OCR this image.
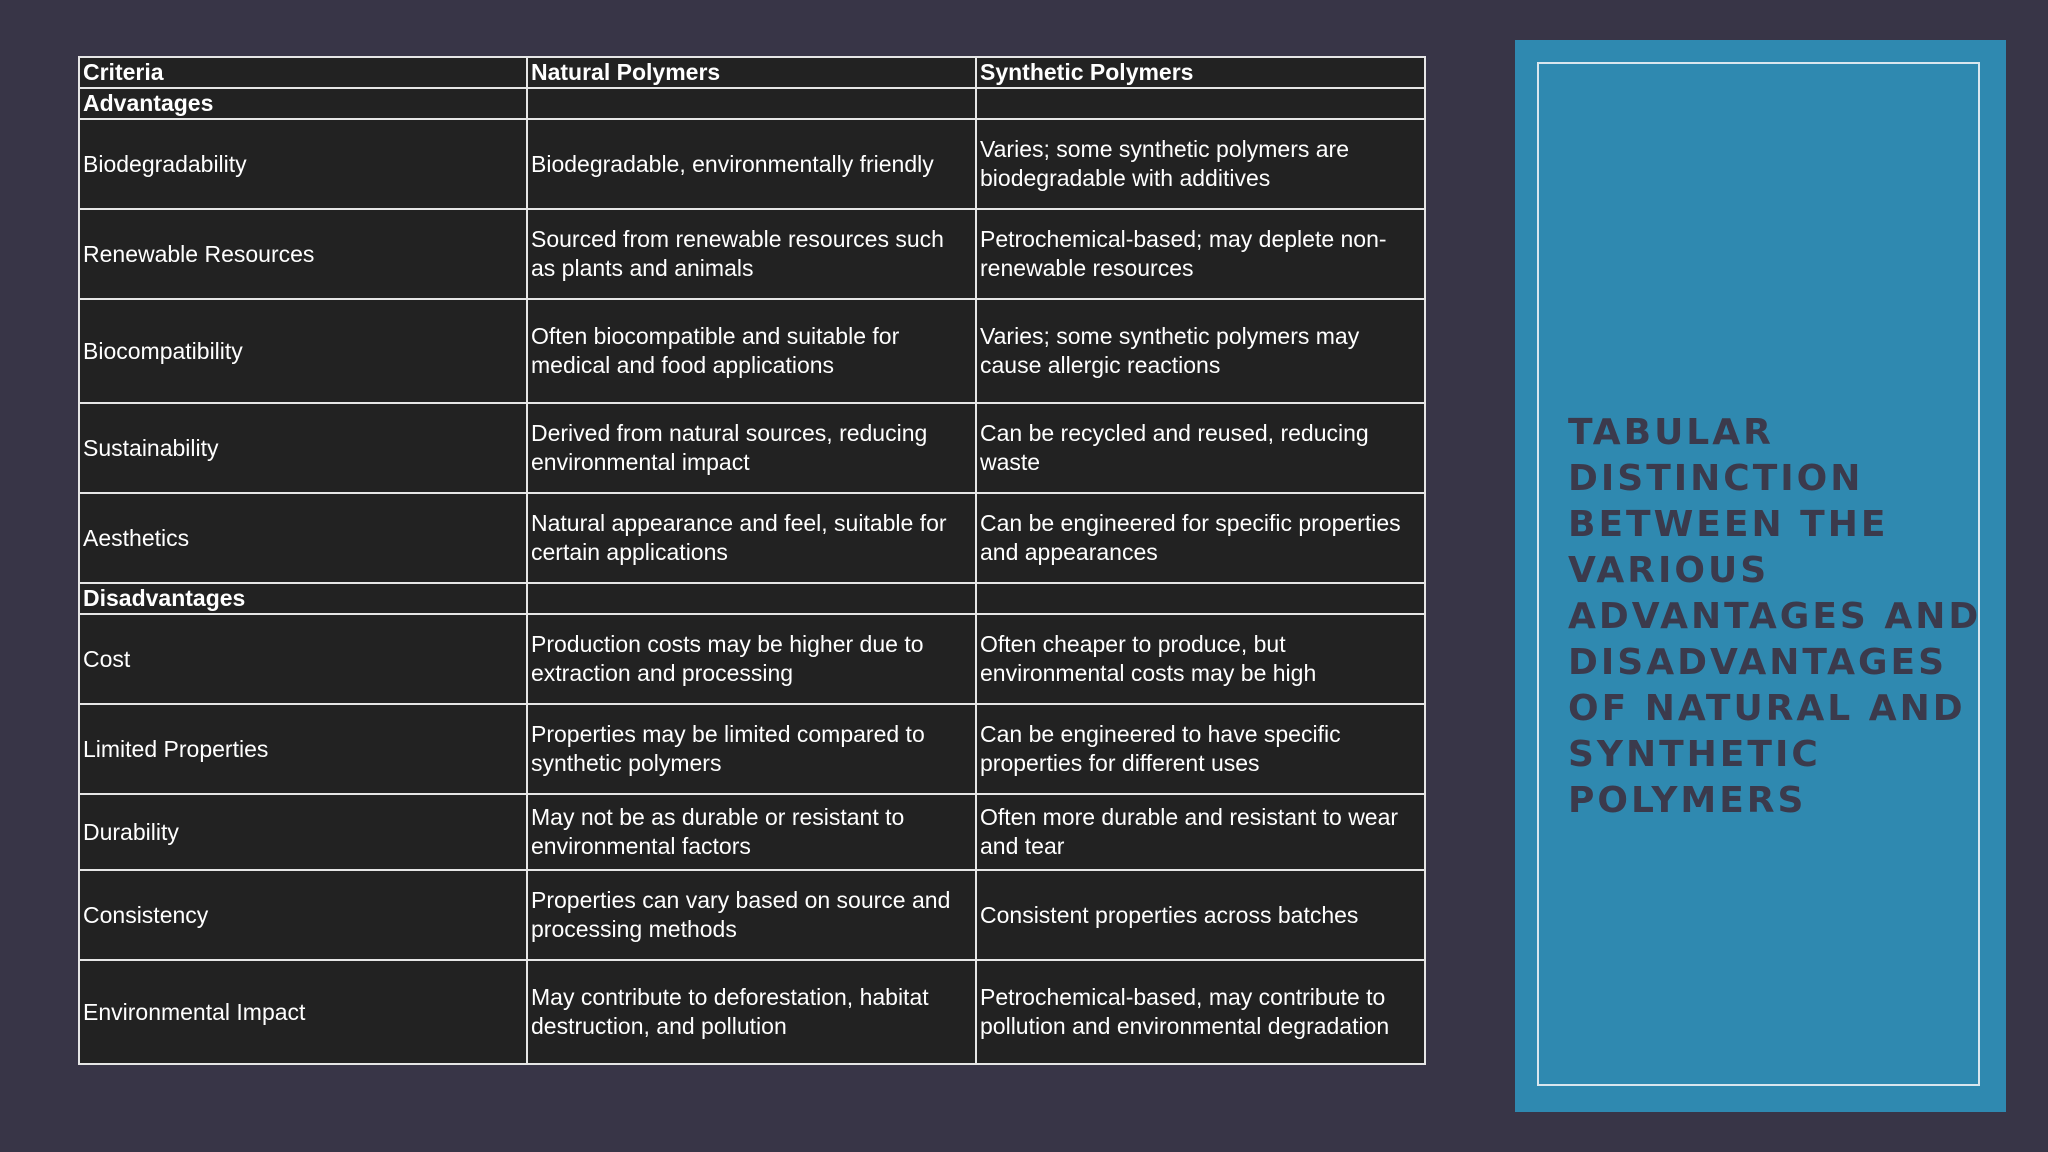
Criteria	Natural Polymers	Synthetic Polymers
Advantages		
Biodegradability	Biodegradable, environmentally friendly	Varies; some synthetic polymers are biodegradable with additives
Renewable Resources	Sourced from renewable resources such as plants and animals	Petrochemical-based; may deplete non-renewable resources
Biocompatibility	Often biocompatible and suitable for medical and food applications	Varies; some synthetic polymers may cause allergic reactions
Sustainability	Derived from natural sources, reducing environmental impact	Can be recycled and reused, reducing waste
Aesthetics	Natural appearance and feel, suitable for certain applications	Can be engineered for specific properties and appearances
Disadvantages		
Cost	Production costs may be higher due to extraction and processing	Often cheaper to produce, but environmental costs may be high
Limited Properties	Properties may be limited compared to synthetic polymers	Can be engineered to have specific properties for different uses
Durability	May not be as durable or resistant to environmental factors	Often more durable and resistant to wear and tear
Consistency	Properties can vary based on source and processing methods	Consistent properties across batches
Environmental Impact	May contribute to deforestation, habitat destruction, and pollution	Petrochemical-based, may contribute to pollution and environmental degradation
TABULAR DISTINCTION BETWEEN THE VARIOUS ADVANTAGES AND DISADVANTAGES OF NATURAL AND SYNTHETIC POLYMERS
